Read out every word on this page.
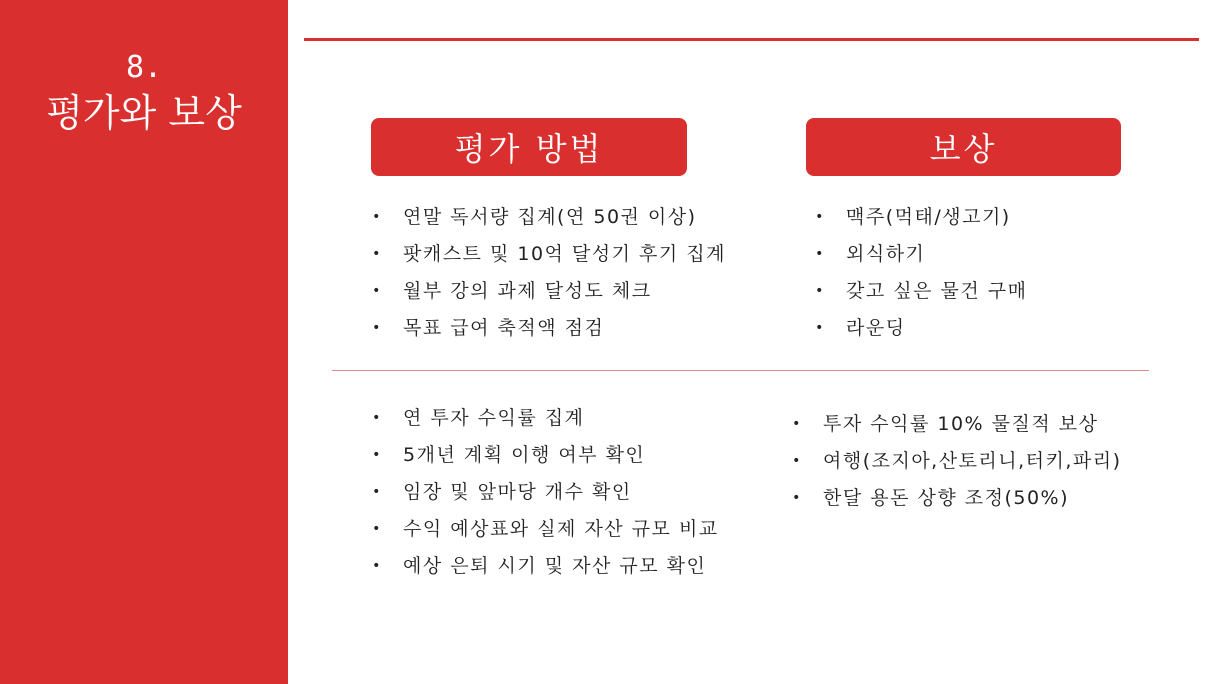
8.
평가와 보상
평가 방법	보상
• 연말 독서량 집계(연 50권 이상)
• 팟캐스트 및 10억 달성기 후기 집계
• 월부 강의 과제 달성도 체크
• 목표 급여 축적액 점검
• 맥주(먹태/생고기)
• 외식하기
• 갖고 싶은 물건 구매
• 라운딩
• 연 투자 수익률 집계
• 5개년 계획 이행 여부 확인
• 임장 및 앞마당 개수 확인
• 수익 예상표와 실제 자산 규모 비교
• 예상 은퇴 시기 및 자산 규모 확인
• 투자 수익률 10% 물질적 보상
• 여행(조지아,산토리니,터키,파리)
• 한달 용돈 상향 조정(50%)
